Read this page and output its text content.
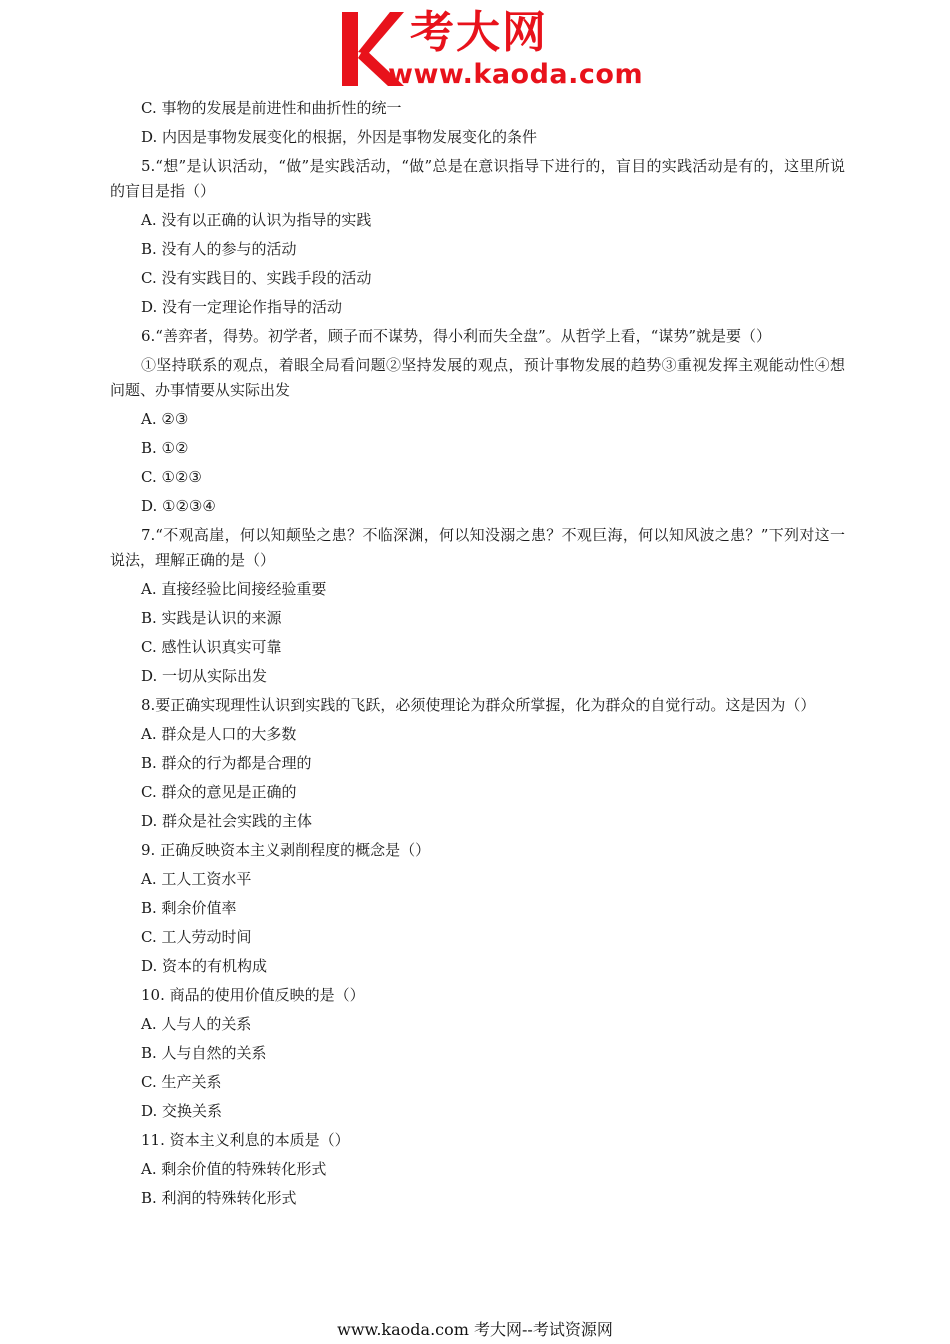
考大网
www.kaoda.com
C. 事物的发展是前进性和曲折性的统一
D. 内因是事物发展变化的根据，外因是事物发展变化的条件
5.“想”是认识活动，“做”是实践活动，“做”总是在意识指导下进行的，盲目的实践活动是有的，这里所说的盲目是指（）
A. 没有以正确的认识为指导的实践
B. 没有人的参与的活动
C. 没有实践目的、实践手段的活动
D. 没有一定理论作指导的活动
6.“善弈者，得势。初学者，顾子而不谋势，得小利而失全盘”。从哲学上看，“谋势”就是要（）
①坚持联系的观点，着眼全局看问题②坚持发展的观点，预计事物发展的趋势③重视发挥主观能动性④想问题、办事情要从实际出发
A. ②③
B. ①②
C. ①②③
D. ①②③④
7.“不观高崖，何以知颠坠之患？不临深渊，何以知没溺之患？不观巨海，何以知风波之患？”下列对这一说法，理解正确的是（）
A. 直接经验比间接经验重要
B. 实践是认识的来源
C. 感性认识真实可靠
D. 一切从实际出发
8.要正确实现理性认识到实践的飞跃，必须使理论为群众所掌握，化为群众的自觉行动。这是因为（）
A. 群众是人口的大多数
B. 群众的行为都是合理的
C. 群众的意见是正确的
D. 群众是社会实践的主体
9. 正确反映资本主义剥削程度的概念是（）
A. 工人工资水平
B. 剩余价值率
C. 工人劳动时间
D. 资本的有机构成
10. 商品的使用价值反映的是（）
A. 人与人的关系
B. 人与自然的关系
C. 生产关系
D. 交换关系
11. 资本主义利息的本质是（）
A. 剩余价值的特殊转化形式
B. 利润的特殊转化形式
www.kaoda.com 考大网--考试资源网
